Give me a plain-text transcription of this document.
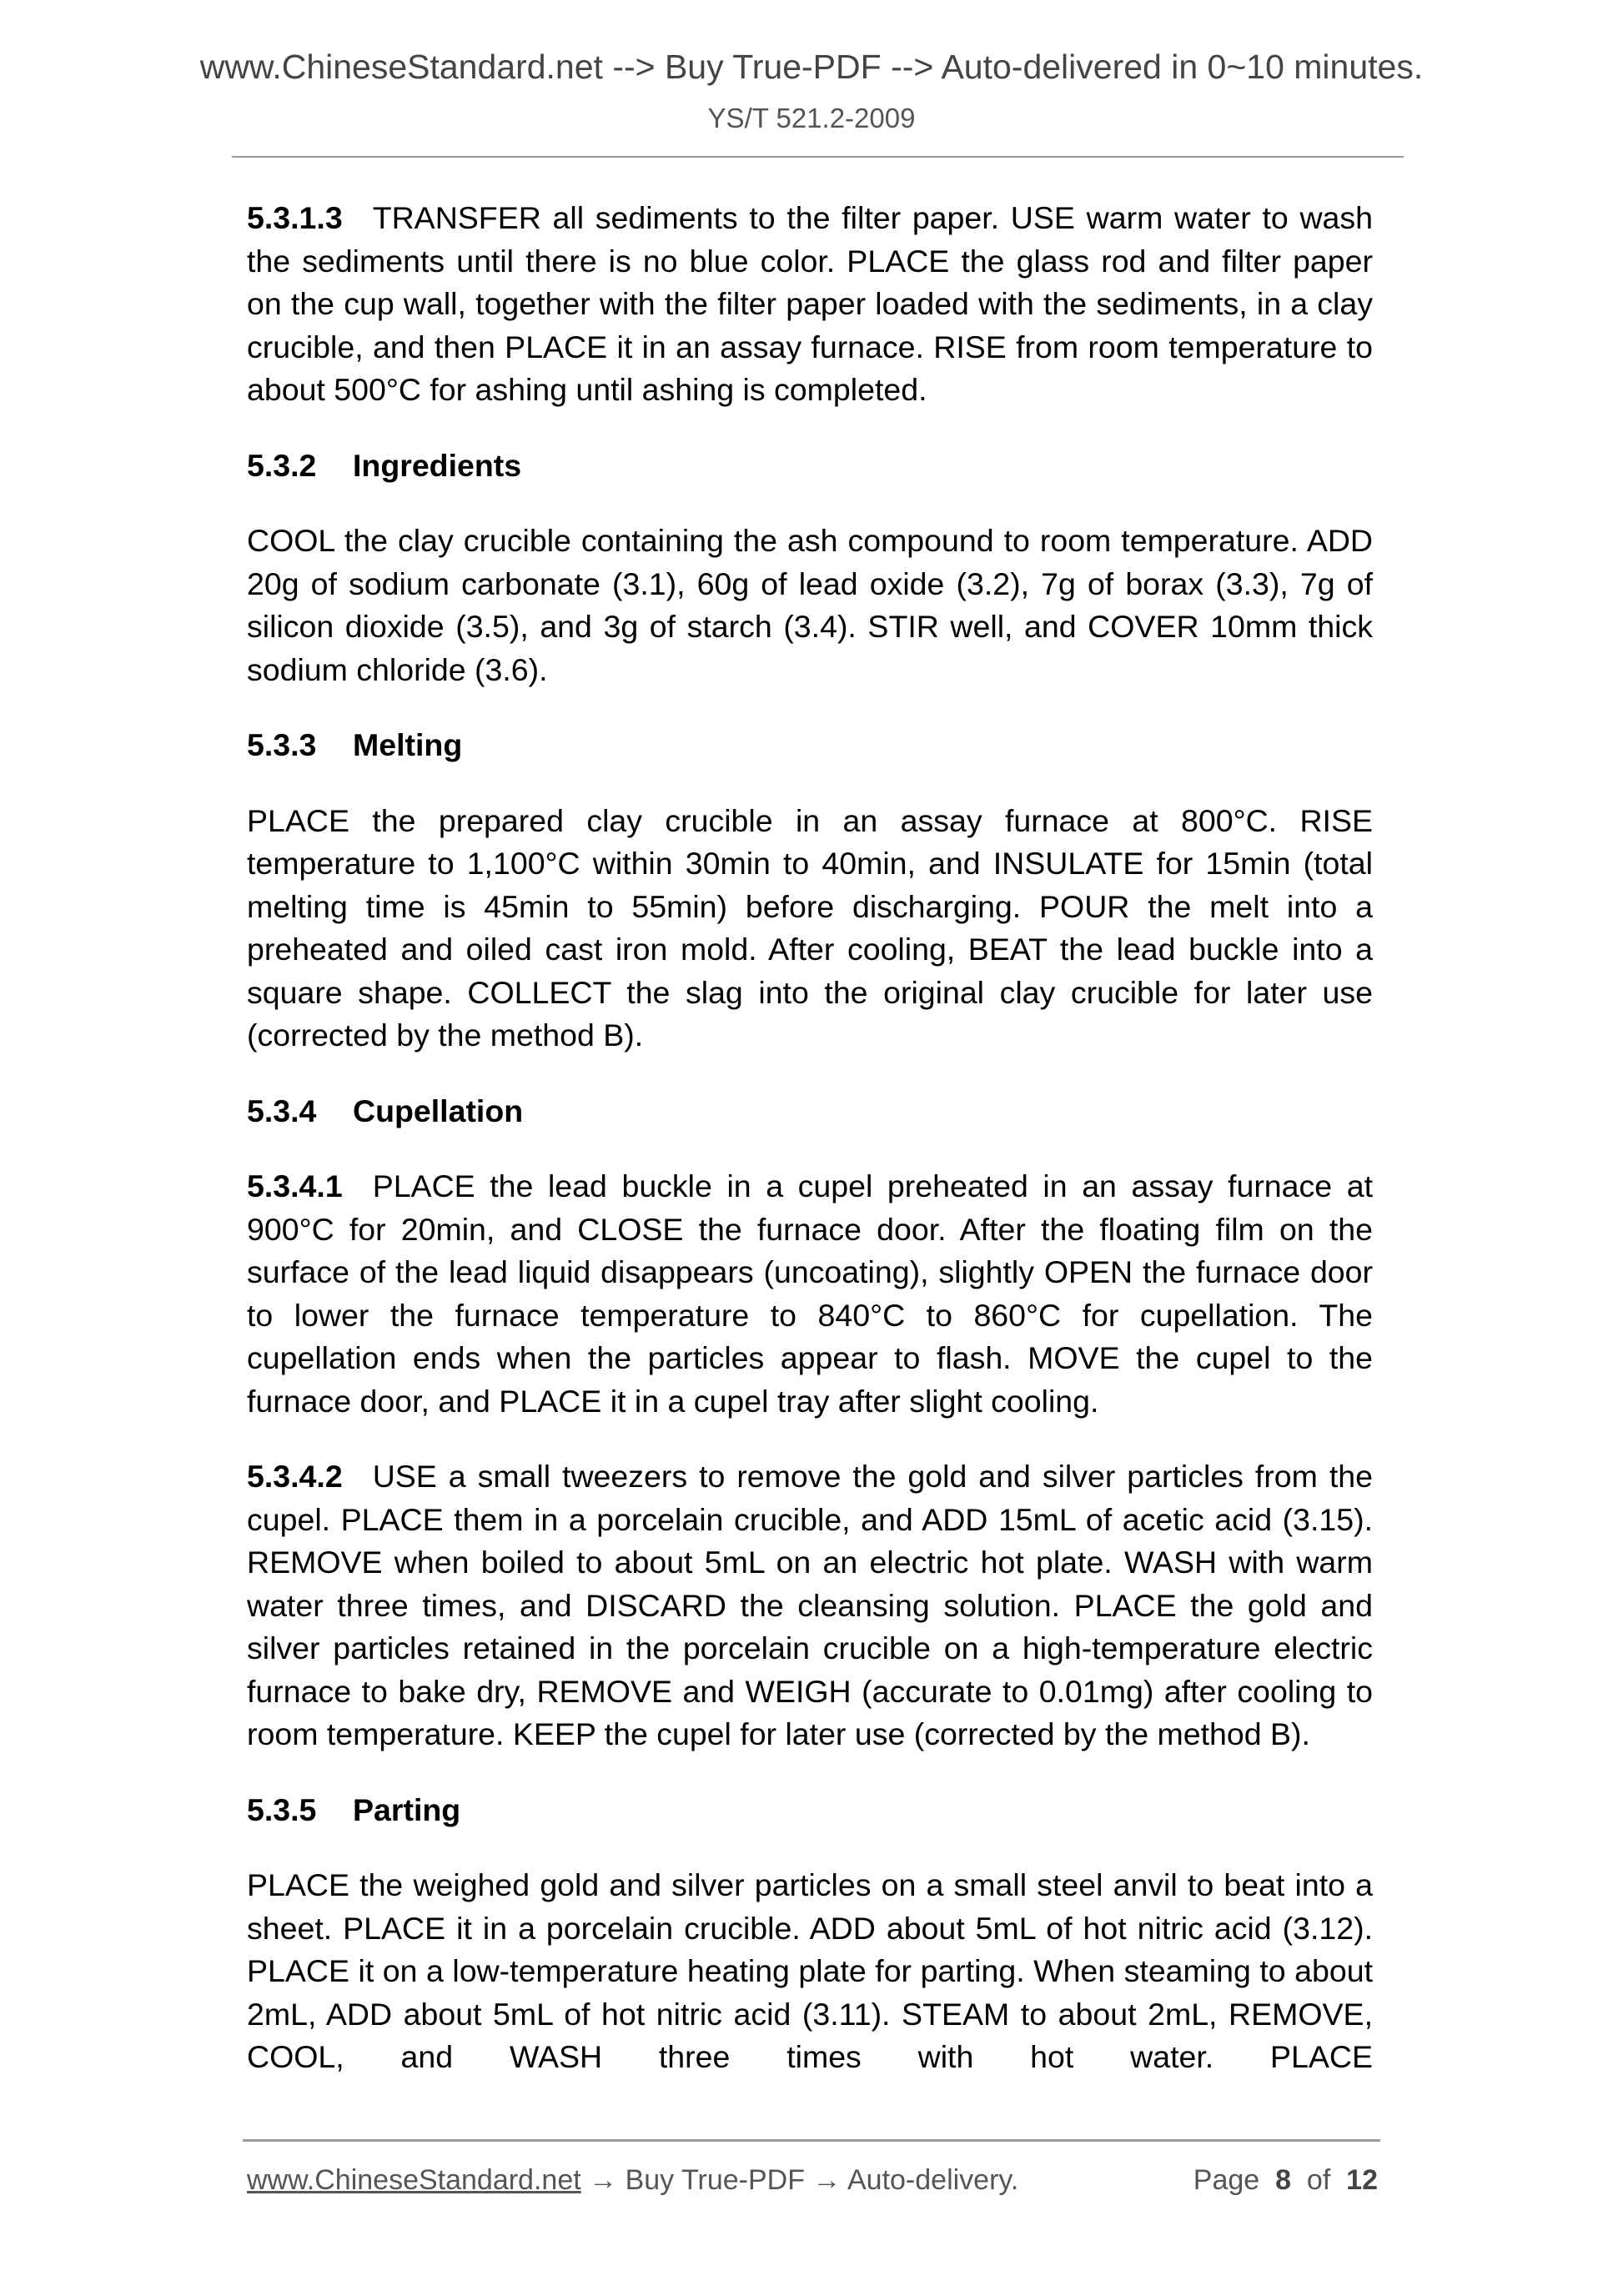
www.ChineseStandard.net --> Buy True-PDF --> Auto-delivered in 0~10 minutes.
YS/T 521.2-2009

5.3.1.3 TRANSFER all sediments to the filter paper. USE warm water to wash the sediments until there is no blue color. PLACE the glass rod and filter paper on the cup wall, together with the filter paper loaded with the sediments, in a clay crucible, and then PLACE it in an assay furnace. RISE from room temperature to about 500°C for ashing until ashing is completed.

5.3.2 Ingredients

COOL the clay crucible containing the ash compound to room temperature. ADD 20g of sodium carbonate (3.1), 60g of lead oxide (3.2), 7g of borax (3.3), 7g of silicon dioxide (3.5), and 3g of starch (3.4). STIR well, and COVER 10mm thick sodium chloride (3.6).

5.3.3 Melting

PLACE the prepared clay crucible in an assay furnace at 800°C. RISE temperature to 1,100°C within 30min to 40min, and INSULATE for 15min (total melting time is 45min to 55min) before discharging. POUR the melt into a preheated and oiled cast iron mold. After cooling, BEAT the lead buckle into a square shape. COLLECT the slag into the original clay crucible for later use (corrected by the method B).

5.3.4 Cupellation

5.3.4.1 PLACE the lead buckle in a cupel preheated in an assay furnace at 900°C for 20min, and CLOSE the furnace door. After the floating film on the surface of the lead liquid disappears (uncoating), slightly OPEN the furnace door to lower the furnace temperature to 840°C to 860°C for cupellation. The cupellation ends when the particles appear to flash. MOVE the cupel to the furnace door, and PLACE it in a cupel tray after slight cooling.

5.3.4.2 USE a small tweezers to remove the gold and silver particles from the cupel. PLACE them in a porcelain crucible, and ADD 15mL of acetic acid (3.15). REMOVE when boiled to about 5mL on an electric hot plate. WASH with warm water three times, and DISCARD the cleansing solution. PLACE the gold and silver particles retained in the porcelain crucible on a high-temperature electric furnace to bake dry, REMOVE and WEIGH (accurate to 0.01mg) after cooling to room temperature. KEEP the cupel for later use (corrected by the method B).

5.3.5 Parting

PLACE the weighed gold and silver particles on a small steel anvil to beat into a sheet. PLACE it in a porcelain crucible. ADD about 5mL of hot nitric acid (3.12). PLACE it on a low-temperature heating plate for parting. When steaming to about 2mL, ADD about 5mL of hot nitric acid (3.11). STEAM to about 2mL, REMOVE, COOL, and WASH three times with hot water. PLACE

www.ChineseStandard.net → Buy True-PDF → Auto-delivery.	Page 8 of 12
